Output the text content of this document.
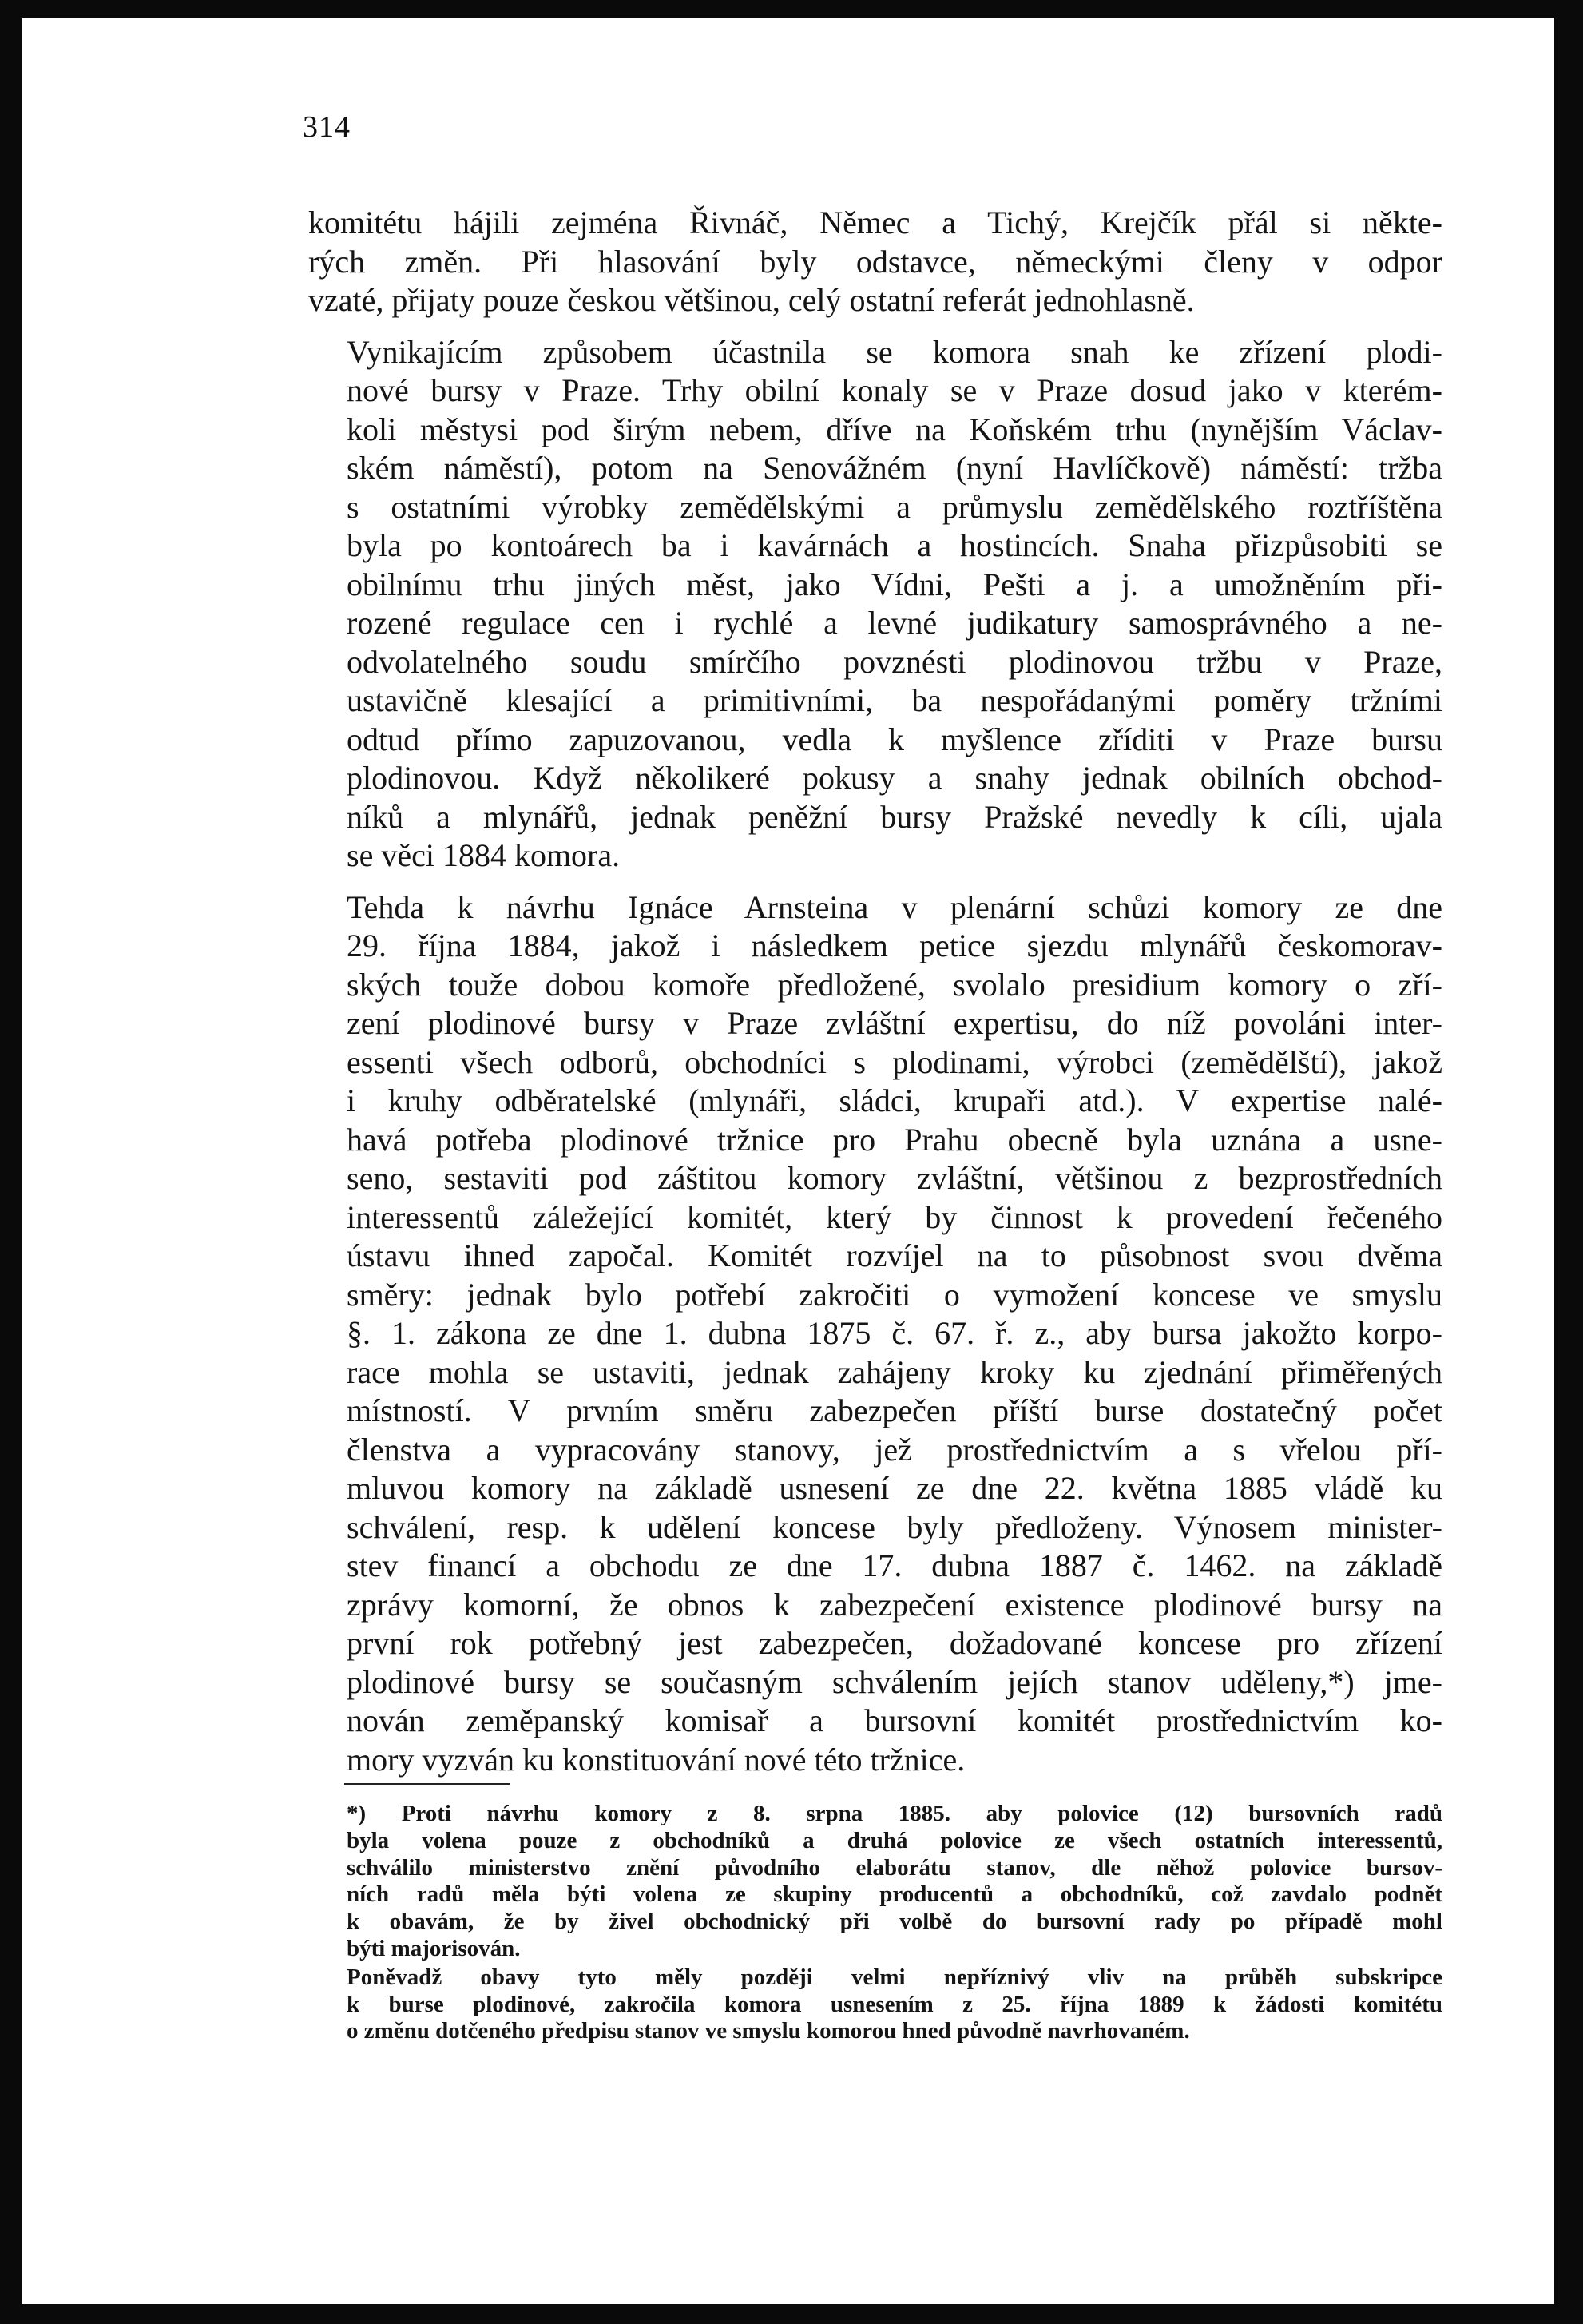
314

komitétu hájili zejména Řivnáč, Němec a Tichý, Krejčík přál si někte-
rých změn. Při hlasování byly odstavce, německými členy v odpor
vzaté, přijaty pouze českou většinou, celý ostatní referát jednohlasně.

Vynikajícím způsobem účastnila se komora snah ke zřízení plodi-
nové bursy v Praze. Trhy obilní konaly se v Praze dosud jako v kterém-
koli městysi pod širým nebem, dříve na Koňském trhu (nynějším Václav-
ském náměstí), potom na Senovážném (nyní Havlíčkově) náměstí: tržba
s ostatními výrobky zemědělskými a průmyslu zemědělského roztříštěna
byla po kontoárech ba i kavárnách a hostincích. Snaha přizpůsobiti se
obilnímu trhu jiných měst, jako Vídni, Pešti a j. a umožněním při-
rozené regulace cen i rychlé a levné judikatury samosprávného a ne-
odvolatelného soudu smírčího povznésti plodinovou tržbu v Praze,
ustavičně klesající a primitivními, ba nespořádanými poměry tržními
odtud přímo zapuzovanou, vedla k myšlence zříditi v Praze bursu
plodinovou. Když několikeré pokusy a snahy jednak obilních obchod-
níků a mlynářů, jednak peněžní bursy Pražské nevedly k cíli, ujala
se věci 1884 komora.

Tehda k návrhu Ignáce Arnsteina v plenární schůzi komory ze dne
29. října 1884, jakož i následkem petice sjezdu mlynářů českomorav-
ských touže dobou komoře předložené, svolalo presidium komory o zří-
zení plodinové bursy v Praze zvláštní expertisu, do níž povoláni inter-
essenti všech odborů, obchodníci s plodinami, výrobci (zemědělští), jakož
i kruhy odběratelské (mlynáři, sládci, krupaři atd.). V expertise nalé-
havá potřeba plodinové tržnice pro Prahu obecně byla uznána a usne-
seno, sestaviti pod záštitou komory zvláštní, většinou z bezprostředních
interessentů záležející komitét, který by činnost k provedení řečeného
ústavu ihned započal. Komitét rozvíjel na to působnost svou dvěma
směry: jednak bylo potřebí zakročiti o vymožení koncese ve smyslu
§. 1. zákona ze dne 1. dubna 1875 č. 67. ř. z., aby bursa jakožto korpo-
race mohla se ustaviti, jednak zahájeny kroky ku zjednání přiměřených
místností. V prvním směru zabezpečen příští burse dostatečný počet
členstva a vypracovány stanovy, jež prostřednictvím a s vřelou pří-
mluvou komory na základě usnesení ze dne 22. května 1885 vládě ku
schválení, resp. k udělení koncese byly předloženy. Výnosem minister-
stev financí a obchodu ze dne 17. dubna 1887 č. 1462. na základě
zprávy komorní, že obnos k zabezpečení existence plodinové bursy na
první rok potřebný jest zabezpečen, dožadované koncese pro zřízení
plodinové bursy se současným schválením jejích stanov uděleny,*) jme-
nován zeměpanský komisař a bursovní komitét prostřednictvím ko-
mory vyzván ku konstituování nové této tržnice.

*) Proti návrhu komory z 8. srpna 1885. aby polovice (12) bursovních radů
byla volena pouze z obchodníků a druhá polovice ze všech ostatních interessentů,
schválilo ministerstvo znění původního elaborátu stanov, dle něhož polovice bursov-
ních radů měla býti volena ze skupiny producentů a obchodníků, což zavdalo podnět
k obavám, že by živel obchodnický při volbě do bursovní rady po případě mohl
býti majorisován.

Poněvadž obavy tyto měly později velmi nepříznivý vliv na průběh subskripce
k burse plodinové, zakročila komora usnesením z 25. října 1889 k žádosti komitétu
o změnu dotčeného předpisu stanov ve smyslu komorou hned původně navrhovaném.
